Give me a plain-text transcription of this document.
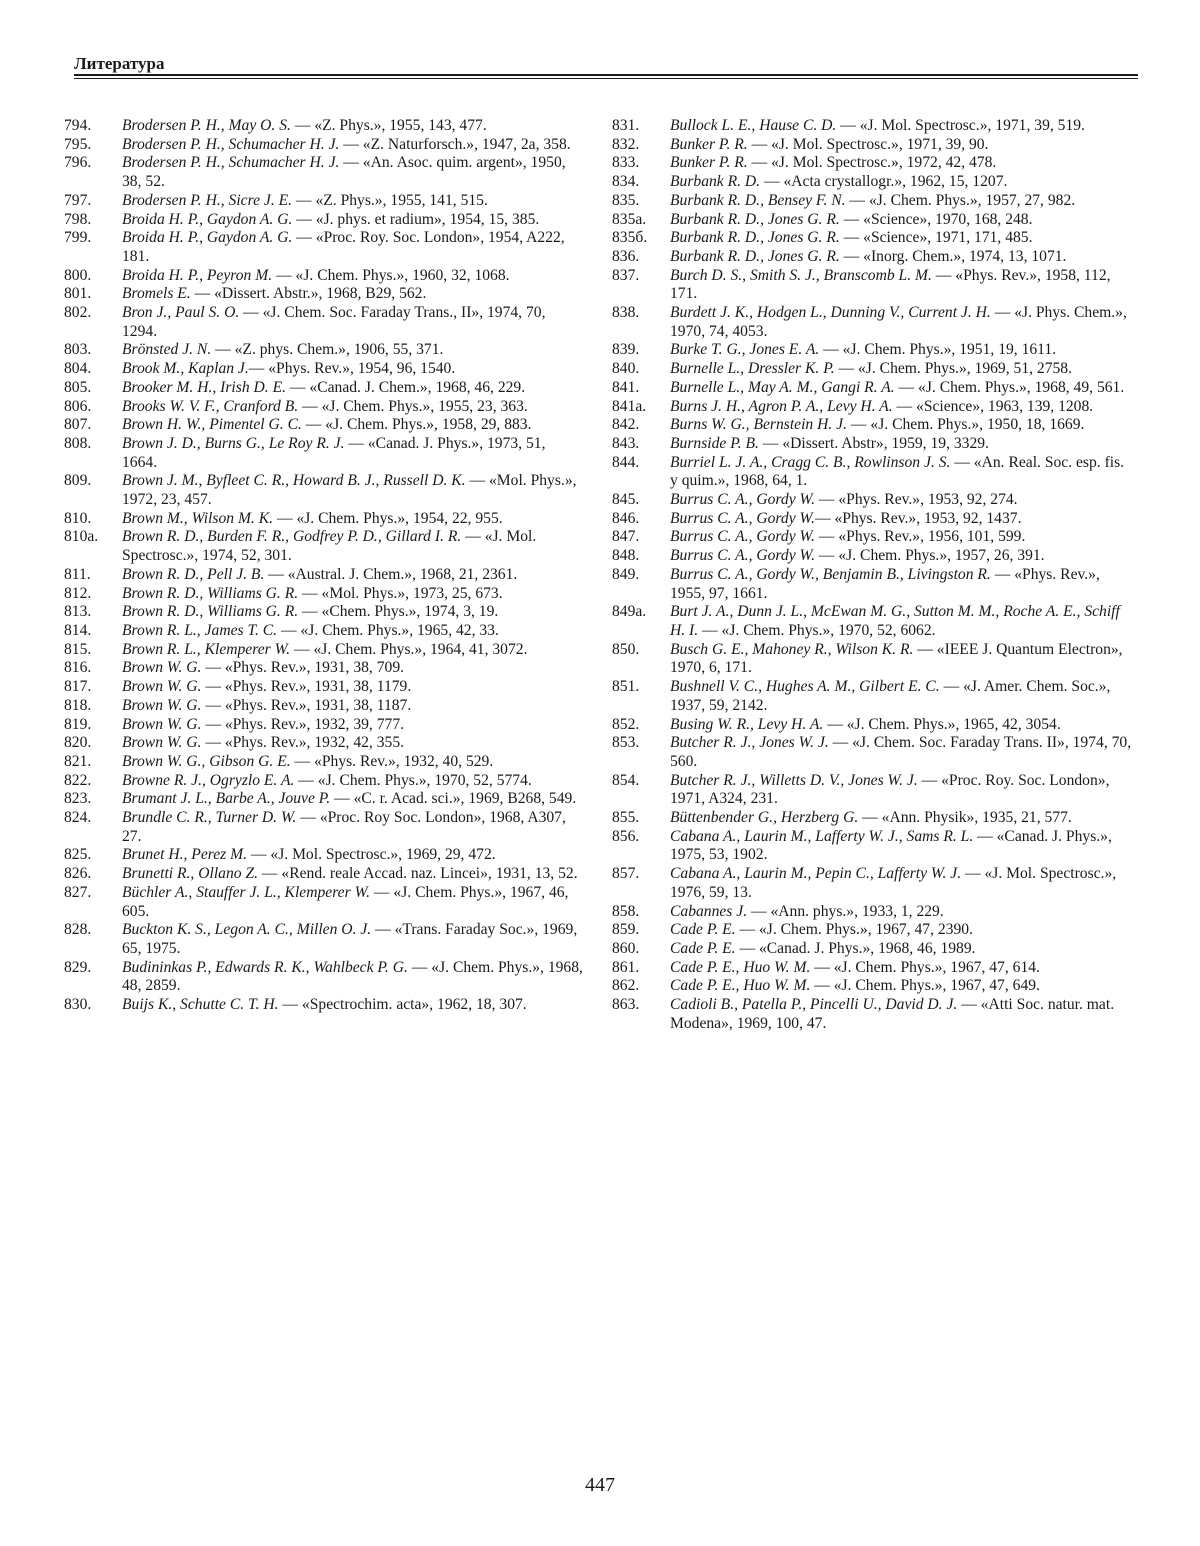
Литература

794.	Brodersen P. H., May O. S. — «Z. Phys.», 1955, 143, 477.

795.	Brodersen P. H., Schumacher H. J. — «Z. Naturforsch.», 1947, 2a, 358.

796.	Brodersen P. H., Schumacher H. J. — «An. Asoc. quim. argent», 1950, 38, 52.

797.	Brodersen P. H., Sicre J. E. — «Z. Phys.», 1955, 141, 515.

798.	Broida H. P., Gaydon A. G. — «J. phys. et radium», 1954, 15, 385.

799.	Broida H. P., Gaydon A. G. — «Proc. Roy. Soc. London», 1954, A222, 181.

800.	Broida H. P., Peyron M. — «J. Chem. Phys.», 1960, 32, 1068.

801.	Bromels E. — «Dissert. Abstr.», 1968, B29, 562.

802.	Bron J., Paul S. O. — «J. Chem. Soc. Faraday Trans., II», 1974, 70, 1294.

803.	Brönsted J. N. — «Z. phys. Chem.», 1906, 55, 371.

804.	Brook M., Kaplan J.— «Phys. Rev.», 1954, 96, 1540.

805.	Brooker M. H., Irish D. E. — «Canad. J. Chem.», 1968, 46, 229.

806.	Brooks W. V. F., Cranford B. — «J. Chem. Phys.», 1955, 23, 363.

807.	Brown H. W., Pimentel G. C. — «J. Chem. Phys.», 1958, 29, 883.

808.	Brown J. D., Burns G., Le Roy R. J. — «Canad. J. Phys.», 1973, 51, 1664.

809.	Brown J. M., Byfleet C. R., Howard B. J., Russell D. K. — «Mol. Phys.», 1972, 23, 457.

810.	Brown M., Wilson M. K. — «J. Chem. Phys.», 1954, 22, 955.

810a.	Brown R. D., Burden F. R., Godfrey P. D., Gillard I. R. — «J. Mol. Spectrosc.», 1974, 52, 301.

811.	Brown R. D., Pell J. B. — «Austral. J. Chem.», 1968, 21, 2361.

812.	Brown R. D., Williams G. R. — «Mol. Phys.», 1973, 25, 673.

813.	Brown R. D., Williams G. R. — «Chem. Phys.», 1974, 3, 19.

814.	Brown R. L., James T. C. — «J. Chem. Phys.», 1965, 42, 33.

815.	Brown R. L., Klemperer W. — «J. Chem. Phys.», 1964, 41, 3072.

816.	Brown W. G. — «Phys. Rev.», 1931, 38, 709.

817.	Brown W. G. — «Phys. Rev.», 1931, 38, 1179.

818.	Brown W. G. — «Phys. Rev.», 1931, 38, 1187.

819.	Brown W. G. — «Phys. Rev.», 1932, 39, 777.

820.	Brown W. G. — «Phys. Rev.», 1932, 42, 355.

821.	Brown W. G., Gibson G. E. — «Phys. Rev.», 1932, 40, 529.

822.	Browne R. J., Ogryzlo E. A. — «J. Chem. Phys.», 1970, 52, 5774.

823.	Brumant J. L., Barbe A., Jouve P. — «C. r. Acad. sci.», 1969, B268, 549.

824.	Brundle C. R., Turner D. W. — «Proc. Roy Soc. London», 1968, A307, 27.

825.	Brunet H., Perez M. — «J. Mol. Spectrosc.», 1969, 29, 472.

826.	Brunetti R., Ollano Z. — «Rend. reale Accad. naz. Lincei», 1931, 13, 52.

827.	Büchler A., Stauffer J. L., Klemperer W. — «J. Chem. Phys.», 1967, 46, 605.

828.	Buckton K. S., Legon A. C., Millen O. J. — «Trans. Faraday Soc.», 1969, 65, 1975.

829.	Budininkas P., Edwards R. K., Wahlbeck P. G. — «J. Chem. Phys.», 1968, 48, 2859.

830.	Buijs K., Schutte C. T. H. — «Spectrochim. acta», 1962, 18, 307.

831.	Bullock L. E., Hause C. D. — «J. Mol. Spectrosc.», 1971, 39, 519.

832.	Bunker P. R. — «J. Mol. Spectrosc.», 1971, 39, 90.

833.	Bunker P. R. — «J. Mol. Spectrosc.», 1972, 42, 478.

834.	Burbank R. D. — «Acta crystallogr.», 1962, 15, 1207.

835.	Burbank R. D., Bensey F. N. — «J. Chem. Phys.», 1957, 27, 982.

835a.	Burbank R. D., Jones G. R. — «Science», 1970, 168, 248.

835б.	Burbank R. D., Jones G. R. — «Science», 1971, 171, 485.

836.	Burbank R. D., Jones G. R. — «Inorg. Chem.», 1974, 13, 1071.

837.	Burch D. S., Smith S. J., Branscomb L. M. — «Phys. Rev.», 1958, 112, 171.

838.	Burdett J. K., Hodgen L., Dunning V., Current J. H. — «J. Phys. Chem.», 1970, 74, 4053.

839.	Burke T. G., Jones E. A. — «J. Chem. Phys.», 1951, 19, 1611.

840.	Burnelle L., Dressler K. P. — «J. Chem. Phys.», 1969, 51, 2758.

841.	Burnelle L., May A. M., Gangi R. A. — «J. Chem. Phys.», 1968, 49, 561.

841a.	Burns J. H., Agron P. A., Levy H. A. — «Science», 1963, 139, 1208.

842.	Burns W. G., Bernstein H. J. — «J. Chem. Phys.», 1950, 18, 1669.

843.	Burnside P. B. — «Dissert. Abstr», 1959, 19, 3329.

844.	Burriel L. J. A., Cragg C. B., Rowlinson J. S. — «An. Real. Soc. esp. fis. y quim.», 1968, 64, 1.

845.	Burrus C. A., Gordy W. — «Phys. Rev.», 1953, 92, 274.

846.	Burrus C. A., Gordy W.— «Phys. Rev.», 1953, 92, 1437.

847.	Burrus C. A., Gordy W. — «Phys. Rev.», 1956, 101, 599.

848.	Burrus C. A., Gordy W. — «J. Chem. Phys.», 1957, 26, 391.

849.	Burrus C. A., Gordy W., Benjamin B., Livingston R. — «Phys. Rev.», 1955, 97, 1661.

849a.	Burt J. A., Dunn J. L., McEwan M. G., Sutton M. M., Roche A. E., Schiff H. I. — «J. Chem. Phys.», 1970, 52, 6062.

850.	Busch G. E., Mahoney R., Wilson K. R. — «IEEE J. Quantum Electron», 1970, 6, 171.

851.	Bushnell V. C., Hughes A. M., Gilbert E. C. — «J. Amer. Chem. Soc.», 1937, 59, 2142.

852.	Busing W. R., Levy H. A. — «J. Chem. Phys.», 1965, 42, 3054.

853.	Butcher R. J., Jones W. J. — «J. Chem. Soc. Faraday Trans. II», 1974, 70, 560.

854.	Butcher R. J., Willetts D. V., Jones W. J. — «Proc. Roy. Soc. London», 1971, A324, 231.

855.	Büttenbender G., Herzberg G. — «Ann. Physik», 1935, 21, 577.

856.	Cabana A., Laurin M., Lafferty W. J., Sams R. L. — «Canad. J. Phys.», 1975, 53, 1902.

857.	Cabana A., Laurin M., Pepin C., Lafferty W. J. — «J. Mol. Spectrosc.», 1976, 59, 13.

858.	Cabannes J. — «Ann. phys.», 1933, 1, 229.

859.	Cade P. E. — «J. Chem. Phys.», 1967, 47, 2390.

860.	Cade P. E. — «Canad. J. Phys.», 1968, 46, 1989.

861.	Cade P. E., Huo W. M. — «J. Chem. Phys.», 1967, 47, 614.

862.	Cade P. E., Huo W. M. — «J. Chem. Phys.», 1967, 47, 649.

863.	Cadioli B., Patella P., Pincelli U., David D. J. — «Atti Soc. natur. mat. Modena», 1969, 100, 47.

447
